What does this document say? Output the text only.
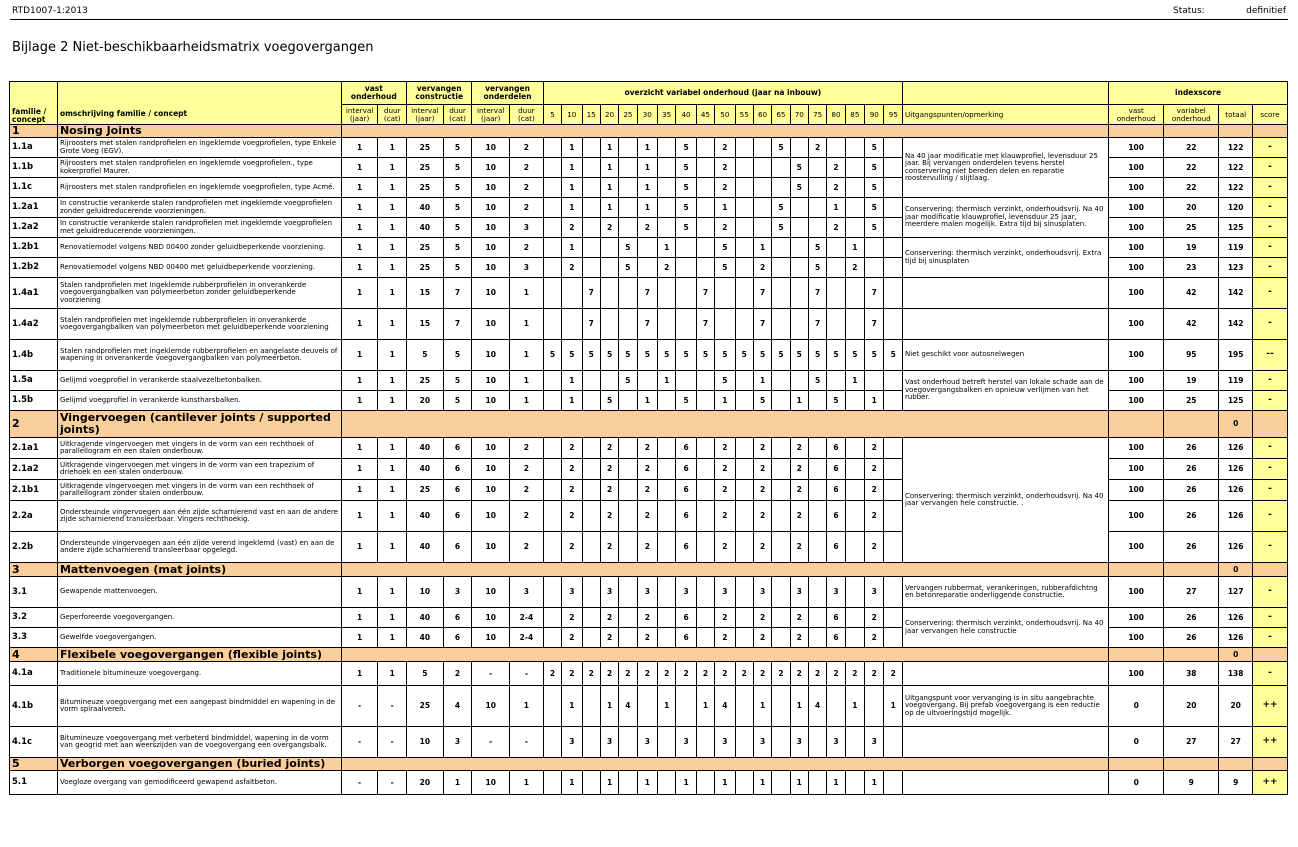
RTD1007-1:2013	Status:	definitief
Bijlage 2 Niet-beschikbaarheidsmatrix voegovergangen
familie / concept		vast onderhoud		vervangen constructie		vervangen onderdelen		overzicht variabel onderhoud (jaar na inbouw)																				indexscore			
	omschrijving familie / concept	interval (jaar)	duur (cat)	interval (jaar)	duur (cat)	interval (jaar)	duur (cat)	5	10	15	20	25	30	35	40	45	50	55	60	65	70	75	80	85	90	95	Uitgangspunten/opmerking	vast onderhoud	variabel onderhoud	totaal	score
1	Nosing Joints																														
1.1a	Rijroosters met stalen randprofielen en ingeklemde voegprofielen, type Enkele Grote Voeg (EGV).	1	1	25	5	10	2		1		1		1		5		2			5		2			5		Na 40 jaar modificatie met klauwprofiel, levensduur 25 jaar. Bij vervangen onderdelen tevens herstel conservering niet bereden delen en reparatie roostervulling / slijtlaag.	100	22	122	-
1.1b	Rijroosters met stalen randprofielen en ingeklemde voegprofielen., type kokerprofiel Maurer.	1	1	25	5	10	2		1		1		1		5		2				5		2		5			100	22	122	-
1.1c	Rijroosters met stalen randprofielen en ingeklemde voegprofielen, type Acmé.	1	1	25	5	10	2		1		1		1		5		2				5		2		5			100	22	122	-
1.2a1	In constructie verankerde stalen randprofielen met ingeklemde voegprofielen zonder geluidreducerende voorzieningen.	1	1	40	5	10	2		1		1		1		5		1			5			1		5		Conservering: thermisch verzinkt, onderhoudsvrij. Na 40 jaar modificatie klauwprofiel, levensduur 25 jaar, meerdere malen mogelijk. Extra tijd bij sinusplaten.	100	20	120	-
1.2a2	In constructie verankerde stalen randprofielen met ingeklemde voegprofielen met geluidreducerende voorzieningen.	1	1	40	5	10	3		2		2		2		5		2			5			2		5			100	25	125	-
1.2b1	Renovatiemodel volgens NBD 00400 zonder geluidbeperkende voorziening.	1	1	25	5	10	2		1			5		1			5		1			5		1			Conservering: thermisch verzinkt, onderhoudsvrij. Extra tijd bij sinusplaten	100	19	119	-
1.2b2	Renovatiemodel volgens NBD 00400 met geluidbeperkende voorziening.	1	1	25	5	10	3		2			5		2			5		2			5		2				100	23	123	-
1.4a1	Stalen randprofielen met ingeklemde rubberprofielen in onverankerde voegovergangbalken van polymeerbeton zonder geluidbeperkende voorziening	1	1	15	7	10	1			7			7			7			7			7			7			100	42	142	-
1.4a2	Stalen randprofielen met ingeklemde rubberprofielen in onverankerde voegovergangbalken van polymeerbeton met geluidbeperkende voorziening	1	1	15	7	10	1			7			7			7			7			7			7			100	42	142	-
1.4b	Stalen randprofielen met ingeklemde rubberprofielen en aangelaste deuvels of wapening in onverankerde voegovergangbalken van polymeerbeton.	1	1	5	5	10	1	5	5	5	5	5	5	5	5	5	5	5	5	5	5	5	5	5	5	5	Niet geschikt voor autosnelwegen	100	95	195	--
1.5a	Gelijmd voegprofiel in verankerde staalvezelbetonbalken.	1	1	25	5	10	1		1			5		1			5		1			5		1			Vast onderhoud betreft herstel van lokale schade aan de voegovergangsbalken en opnieuw verlijmen van het rubber.	100	19	119	-
1.5b	Gelijmd voegprofiel in verankerde kunstharsbalken.	1	1	20	5	10	1		1		5		1		5		1		5		1		5		1			100	25	125	-
2	Vingervoegen (cantilever joints / supported joints)																													0	
2.1a1	Uitkragende vingervoegen met vingers in de vorm van een rechthoek of parallellogram en een stalen onderbouw.	1	1	40	6	10	2		2		2		2		6		2		2		2		6		2		Conservering: thermisch verzinkt, onderhoudsvrij. Na 40 jaar vervangen hele constructie. .	100	26	126	-
2.1a2	Uitkragende vingervoegen met vingers in de vorm van een trapezium of driehoek en een stalen onderbouw.	1	1	40	6	10	2		2		2		2		6		2		2		2		6		2			100	26	126	-
2.1b1	Uitkragende vingervoegen met vingers in de vorm van een rechthoek of parallellogram zonder stalen onderbouw.	1	1	25	6	10	2		2		2		2		6		2		2		2		6		2			100	26	126	-
2.2a	Ondersteunde vingervoegen aan één zijde scharnierend vast en aan de andere zijde scharnierend transleerbaar. Vingers rechthoekig.	1	1	40	6	10	2		2		2		2		6		2		2		2		6		2			100	26	126	-
2.2b	Ondersteunde vingervoegen aan één zijde verend ingeklemd (vast) en aan de andere zijde scharnierend transleerbaar opgelegd.	1	1	40	6	10	2		2		2		2		6		2		2		2		6		2			100	26	126	-
3	Mattenvoegen (mat joints)																													0	
3.1	Gewapende mattenvoegen.	1	1	10	3	10	3		3		3		3		3		3		3		3		3		3		Vervangen rubbermat, verankeringen, rubberafdichtng en betonreparatie onderliggende constructie.	100	27	127	-
3.2	Geperforeerde voegovergangen.	1	1	40	6	10	2-4		2		2		2		6		2		2		2		6		2		Conservering: thermisch verzinkt, onderhoudsvrij. Na 40 jaar vervangen hele constructie	100	26	126	-
3.3	Gewelfde voegovergangen.	1	1	40	6	10	2-4		2		2		2		6		2		2		2		6		2			100	26	126	-
4	Flexibele voegovergangen (flexible joints)																													0	
4.1a	Traditionele bitumineuze voegovergang.	1	1	5	2	-	-	2	2	2	2	2	2	2	2	2	2	2	2	2	2	2	2	2	2	2		100	38	138	-
4.1b	Bitumineuze voegovergang met een aangepast bindmiddel en wapening in de vorm spiraalveren.	-	-	25	4	10	1		1		1	4		1		1	4		1		1	4		1		1	Uitgangspunt voor vervanging is in situ aangebrachte voegovergang. Bij prefab voegovergang is een reductie op de uitvoeringstijd mogelijk.	0	20	20	++
4.1c	Bitumineuze voegovergang met verbeterd bindmiddel, wapening in de vorm van geogrid met aan weerszijden van de voegovergang een overgangsbalk.	-	-	10	3	-	-		3		3		3		3		3		3		3		3		3			0	27	27	++
5	Verborgen voegovergangen (buried joints)																														
5.1	Voegloze overgang van gemodificeerd gewapend asfaltbeton.	-	-	20	1	10	1		1		1		1		1		1		1		1		1		1			0	9	9	++
